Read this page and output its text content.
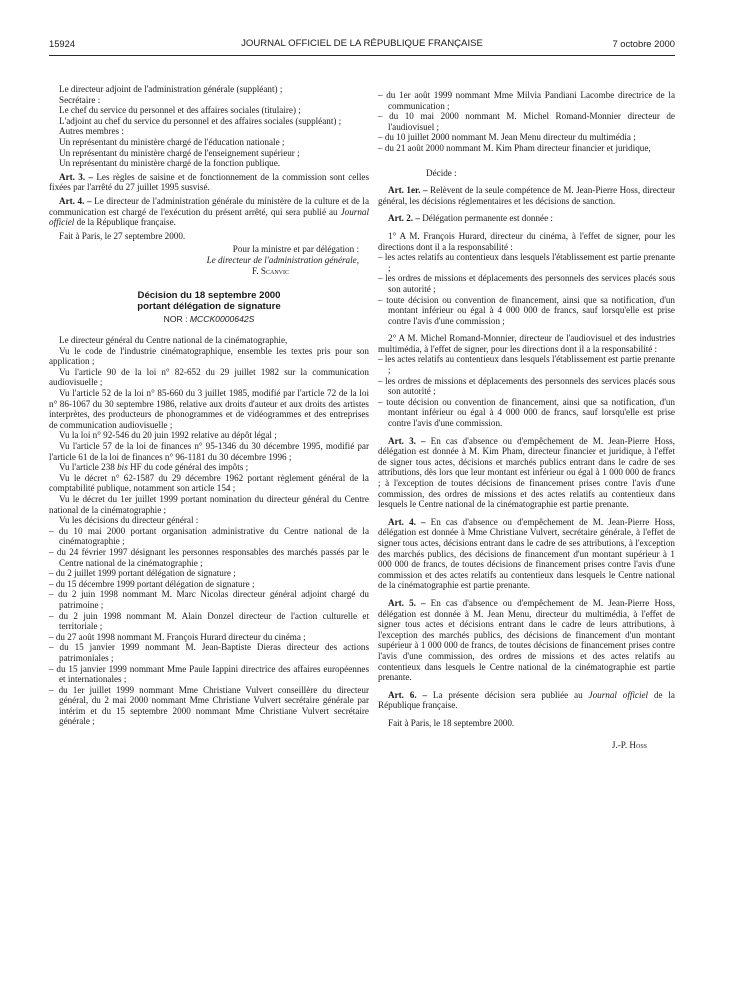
15924	JOURNAL OFFICIEL DE LA RÉPUBLIQUE FRANÇAISE	7 octobre 2000

Le directeur adjoint de l'administration générale (suppléant) ;

Secrétaire :

Le chef du service du personnel et des affaires sociales (titulaire) ;

L'adjoint au chef du service du personnel et des affaires sociales (suppléant) ;

Autres membres :

Un représentant du ministère chargé de l'éducation nationale ;

Un représentant du ministère chargé de l'enseignement supérieur ;

Un représentant du ministère chargé de la fonction publique.

Art. 3. – Les règles de saisine et de fonctionnement de la commission sont celles fixées par l'arrêté du 27 juillet 1995 susvisé.

Art. 4. – Le directeur de l'administration générale du ministère de la culture et de la communication est chargé de l'exécution du présent arrêté, qui sera publié au Journal officiel de la République française.

Fait à Paris, le 27 septembre 2000.

Pour la ministre et par délégation :

Le directeur de l'administration générale,

F. Scanvic

Décision du 18 septembre 2000
portant délégation de signature

NOR : MCCK0000642S

Le directeur général du Centre national de la cinématographie,

Vu le code de l'industrie cinématographique, ensemble les textes pris pour son application ;

Vu l'article 90 de la loi n° 82-652 du 29 juillet 1982 sur la communication audiovisuelle ;

Vu l'article 52 de la loi n° 85-660 du 3 juillet 1985, modifié par l'article 72 de la loi n° 86-1067 du 30 septembre 1986, relative aux droits d'auteur et aux droits des artistes interprètes, des producteurs de phonogrammes et de vidéogrammes et des entreprises de communication audiovisuelle ;

Vu la loi n° 92-546 du 20 juin 1992 relative au dépôt légal ;

Vu l'article 57 de la loi de finances n° 95-1346 du 30 décembre 1995, modifié par l'article 61 de la loi de finances n° 96-1181 du 30 décembre 1996 ;

Vu l'article 238 bis HF du code général des impôts ;

Vu le décret n° 62-1587 du 29 décembre 1962 portant règlement général de la comptabilité publique, notamment son article 154 ;

Vu le décret du 1er juillet 1999 portant nomination du directeur général du Centre national de la cinématographie ;

Vu les décisions du directeur général :

– du 10 mai 2000 portant organisation administrative du Centre national de la cinématographie ;

– du 24 février 1997 désignant les personnes responsables des marchés passés par le Centre national de la cinématographie ;

– du 2 juillet 1999 portant délégation de signature ;

– du 15 décembre 1999 portant délégation de signature ;

– du 2 juin 1998 nommant M. Marc Nicolas directeur général adjoint chargé du patrimoine ;

– du 2 juin 1998 nommant M. Alain Donzel directeur de l'action culturelle et territoriale ;

– du 27 août 1998 nommant M. François Hurard directeur du cinéma ;

– du 15 janvier 1999 nommant M. Jean-Baptiste Dieras directeur des actions patrimoniales ;

– du 15 janvier 1999 nommant Mme Paule Iappini directrice des affaires européennes et internationales ;

– du 1er juillet 1999 nommant Mme Christiane Vulvert conseillère du directeur général, du 2 mai 2000 nommant Mme Christiane Vulvert secrétaire générale par intérim et du 15 septembre 2000 nommant Mme Christiane Vulvert secrétaire générale ;

– du 1er août 1999 nommant Mme Milvia Pandiani Lacombe directrice de la communication ;

– du 10 mai 2000 nommant M. Michel Romand-Monnier directeur de l'audiovisuel ;

– du 10 juillet 2000 nommant M. Jean Menu directeur du multimédia ;

– du 21 août 2000 nommant M. Kim Pham directeur financier et juridique,

Décide :

Art. 1er. – Relèvent de la seule compétence de M. Jean-Pierre Hoss, directeur général, les décisions réglementaires et les décisions de sanction.

Art. 2. – Délégation permanente est donnée :

1° A M. François Hurard, directeur du cinéma, à l'effet de signer, pour les directions dont il a la responsabilité :

– les actes relatifs au contentieux dans lesquels l'établissement est partie prenante ;

– les ordres de missions et déplacements des personnels des services placés sous son autorité ;

– toute décision ou convention de financement, ainsi que sa notification, d'un montant inférieur ou égal à 4 000 000 de francs, sauf lorsqu'elle est prise contre l'avis d'une commission ;

2° A M. Michel Romand-Monnier, directeur de l'audiovisuel et des industries multimédia, à l'effet de signer, pour les directions dont il a la responsabilité :

– les actes relatifs au contentieux dans lesquels l'établissement est partie prenante ;

– les ordres de missions et déplacements des personnels des services placés sous son autorité ;

– toute décision ou convention de financement, ainsi que sa notification, d'un montant inférieur ou égal à 4 000 000 de francs, sauf lorsqu'elle est prise contre l'avis d'une commission.

Art. 3. – En cas d'absence ou d'empêchement de M. Jean-Pierre Hoss, délégation est donnée à M. Kim Pham, directeur financier et juridique, à l'effet de signer tous actes, décisions et marchés publics entrant dans le cadre de ses attributions, dès lors que leur montant est inférieur ou égal à 1 000 000 de francs ; à l'exception de toutes décisions de financement prises contre l'avis d'une commission, des ordres de missions et des actes relatifs au contentieux dans lesquels le Centre national de la cinématographie est partie prenante.

Art. 4. – En cas d'absence ou d'empêchement de M. Jean-Pierre Hoss, délégation est donnée à Mme Christiane Vulvert, secrétaire générale, à l'effet de signer tous actes, décisions entrant dans le cadre de ses attributions, à l'exception des marchés publics, des décisions de financement d'un montant supérieur à 1 000 000 de francs, de toutes décisions de financement prises contre l'avis d'une commission et des actes relatifs au contentieux dans lesquels le Centre national de la cinématographie est partie prenante.

Art. 5. – En cas d'absence ou d'empêchement de M. Jean-Pierre Hoss, délégation est donnée à M. Jean Menu, directeur du multimédia, à l'effet de signer tous actes et décisions entrant dans le cadre de leurs attributions, à l'exception des marchés publics, des décisions de financement d'un montant supérieur à 1 000 000 de francs, de toutes décisions de financement prises contre l'avis d'une commission, des ordres de missions et des actes relatifs au contentieux dans lesquels le Centre national de la cinématographie est partie prenante.

Art. 6. – La présente décision sera publiée au Journal officiel de la République française.

Fait à Paris, le 18 septembre 2000.

J.-P. Hoss
